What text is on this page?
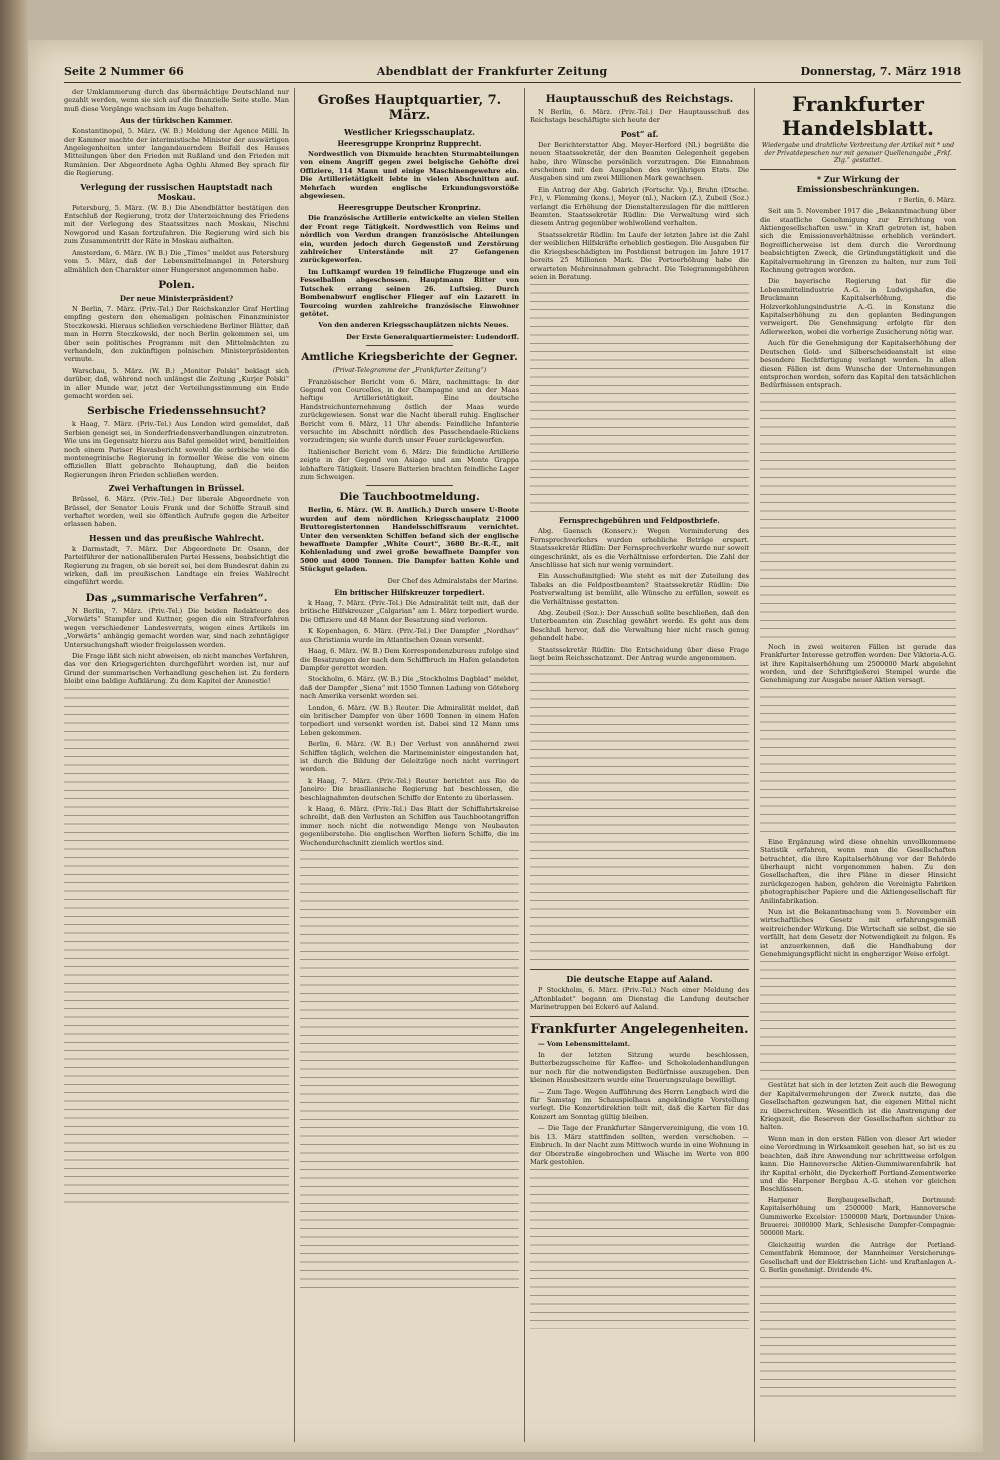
Seite 2 Nummer 66	Abendblatt der Frankfurter Zeitung	Donnerstag, 7. März 1918

der Umklammerung durch das übermächtige Deutschland nur gezahlt werden, wenn sie sich auf die finanzielle Seite stelle. Man muß diese Vorgänge wachsam im Auge behalten.

Aus der türkischen Kammer.

Konstantinopel, 5. März. (W. B.) Meldung der Agence Millí. In der Kammer machte der interimistische Minister der auswärtigen Angelegenheiten unter langandauerndem Beifall des Hauses Mitteilungen über den Frieden mit Rußland und den Frieden mit Rumänien. Der Abgeordnete Agha Oghlu Ahmed Bey sprach für die Regierung.

Verlegung der russischen Hauptstadt nach Moskau.

Petersburg, 5. März. (W. B.) Die Abendblätter bestätigen den Entschluß der Regierung, trotz der Unterzeichnung des Friedens mit der Verlegung des Staatssitzes nach Moskau, Nischni Nowgorod und Kasan fortzufahren. Die Regierung wird sich bis zum Zusammentritt der Räte in Moskau aufhalten.

Amsterdam, 6. März. (W. B.) Die „Times“ meldet aus Petersburg vom 5. März, daß der Lebensmittelmangel in Petersburg allmählich den Charakter einer Hungersnot angenommen habe.

Polen.
Der neue Ministerpräsident?

N Berlin, 7. März. (Priv.-Tel.) Der Reichskanzler Graf Hertling empfing gestern den ehemaligen polnischen Finanzminister Steczkowski. Hieraus schließen verschiedene Berliner Blätter, daß man in Herrn Steczkowski, der noch Berlin gekommen sei, um über sein politisches Programm mit den Mittelmächten zu verhandeln, den zukünftigen polnischen Ministerpräsidenten vermute.

Warschau, 5. März. (W. B.) „Monitor Polski“ beklagt sich darüber, daß, während noch unlängst die Zeitung „Kurjer Polski“ in aller Munde war, jetzt der Verteilungsstimmung ein Ende gemacht worden sei.

Serbische Friedenssehnsucht?

k Haag, 7. März. (Priv.-Tel.) Aus London wird gemeldet, daß Serbien geneigt sei, in Sonderfriedensverhandlungen einzutreten. Wie uns im Gegensatz hierzu aus Bafel gemeldet wird, bemitleiden noch einem Pariser Havasbericht sowohl die serbische wie die montenegrinische Regierung in formeller Weise die von einem offiziellen Blatt gebrachte Behauptung, daß die beiden Regierungen ihren Frieden schließen werden.

Zwei Verhaftungen in Brüssel.

Brüssel, 6. März. (Priv.-Tel.) Der liberale Abgeordnete von Brüssel, der Senator Louis Frank und der Schöffe Strauß sind verhaftet worden, weil sie öffentlich Aufrufe gegen die Arbeiter erlassen haben.

Hessen und das preußische Wahlrecht.

k Darmstadt, 7. März. Der Abgeordnete Dr. Osann, der Parteiführer der nationalliberalen Partei Hessens, beabsichtigt die Regierung zu fragen, ob sie bereit sei, bei dem Bundesrat dahin zu wirken, daß im preußischen Landtage ein freies Wahlrecht eingeführt werde.

Das „summarische Verfahren“.

N Berlin, 7. März. (Priv.-Tel.) Die beiden Redakteure des „Vorwärts“ Stampfer und Kuttner, gegen die ein Strafverfahren wegen verschiedener Landesverrats, wegen eines Artikels im „Vorwärts“ anhängig gemacht worden war, sind nach zehntägiger Untersuchungshaft wieder freigelassen worden.

Die Frage läßt sich nicht abweisen, ob nicht manches Verfahren, das vor den Kriegsgerichten durchgeführt worden ist, nur auf Grund der summarischen Verhandlung geschehen ist. Zu fordern bleibt eine baldige Aufklärung. Zu dem Kapitel der Amnestie!

Großes Hauptquartier, 7. März.
Westlicher Kriegsschauplatz.
Heeresgruppe Kronprinz Rupprecht.

Nordwestlich von Dixmuide brachten Sturmabteilungen von einem Angriff gegen zwei belgische Gehöfte drei Offiziere, 114 Mann und einige Maschinengewehre ein. Die Artillerietätigkeit lebte in vielen Abschnitten auf. Mehrfach wurden englische Erkundungsvorstöße abgewiesen.

Heeresgruppe Deutscher Kronprinz.

Die französische Artillerie entwickelte an vielen Stellen der Front rege Tätigkeit. Nordwestlich von Reims und nördlich von Verdun drangen französische Abteilungen ein, wurden jedoch durch Gegenstoß und Zerstörung zahlreicher Unterstände mit 27 Gefangenen zurückgeworfen.

Im Luftkampf wurden 19 feindliche Flugzeuge und ein Fesselballon abgeschossen. Hauptmann Ritter von Tutschek errang seinen 26. Luftsieg. Durch Bombenabwurf englischer Flieger auf ein Lazarett in Tourcoing wurden zahlreiche französische Einwohner getötet.

Von den anderen Kriegsschauplätzen nichts Neues.

Der Erste Generalquartiermeister: Ludendorff.

Amtliche Kriegsberichte der Gegner.
(Privat-Telegramme der „Frankfurter Zeitung“)

Französischer Bericht vom 6. März, nachmittags: In der Gegend von Courcelles, in der Champagne und an der Maas heftige Artillerietätigkeit. Eine deutsche Handstreichunternehmung östlich der Maas wurde zurückgewiesen. Sonst war die Nacht überall ruhig. Englischer Bericht vom 6. März, 11 Uhr abends: Feindliche Infanterie versuchte im Abschnitt nördlich des Passchendaele-Rückens vorzudringen; sie wurde durch unser Feuer zurückgeworfen.

Italienischer Bericht vom 6. März: Die feindliche Artillerie zeigte in der Gegend von Asiago und am Monte Grappa lebhaftere Tätigkeit. Unsere Batterien brachten feindliche Lager zum Schweigen.

Die Tauchbootmeldung.

Berlin, 6. März. (W. B. Amtlich.) Durch unsere U-Boote wurden auf dem nördlichen Kriegsschauplatz 21000 Bruttoregistertonnen Handelsschiffsraum vernichtet. Unter den versenkten Schiffen befand sich der englische bewaffnete Dampfer „White Court“, 3680 Br.-R.-T., mit Kohlenladung und zwei große bewaffnete Dampfer von 5000 und 4000 Tonnen. Die Dampfer hatten Kohle und Stückgut geladen.

Der Chef des Admiralstabs der Marine.

Ein britischer Hilfskreuzer torpediert.

k Haag, 7. März. (Priv.-Tel.) Die Admiralität teilt mit, daß der britische Hilfskreuzer „Calgarian“ am 1. März torpediert wurde. Die Offiziere und 48 Mann der Besatzung sind verloren.

K Kopenhagen, 6. März. (Priv.-Tel.) Der Dampfer „Nordhav“ aus Christiania wurde im Atlantischen Ozean versenkt.

Haag, 6. März. (W. B.) Dem Korrespondenzbureau zufolge sind die Besatzungen der nach dem Schiffbruch im Hafen gelandeten Dampfer gerettet worden.

Stockholm, 6. März. (W. B.) Die „Stockholms Dagblad“ meldet, daß der Dampfer „Siena“ mit 1550 Tonnen Ladung von Göteborg nach Amerika versenkt worden sei.

London, 6. März. (W. B.) Reuter. Die Admiralität meldet, daß ein britischer Dampfer von über 1600 Tonnen in einem Hafen torpediert und versenkt worden ist. Dabei sind 12 Mann ums Leben gekommen.

Berlin, 6. März. (W. B.) Der Verlust von annähernd zwei Schiffen täglich, welchen die Marineminister eingestanden hat, ist durch die Bildung der Geleitzüge noch nicht verringert worden.

k Haag, 7. März. (Priv.-Tel.) Reuter berichtet aus Rio de Janeiro: Die brasilianische Regierung hat beschlossen, die beschlagnahmten deutschen Schiffe der Entente zu überlassen.

k Haag, 6. März. (Priv.-Tel.) Das Blatt der Schiffahrtskreise schreibt, daß den Verlusten an Schiffen aus Tauchbootangriffen immer noch nicht die notwendige Menge von Neubauten gegenüberstehe. Die englischen Werften liefern Schiffe, die im Wochendurchschnitt ziemlich wertlos sind.

Hauptausschuß des Reichstags.

N Berlin, 6. März. (Priv.-Tel.) Der Hauptausschuß des Reichstags beschäftigte sich heute der

Post“ af.

Der Berichterstatter Abg. Meyer-Herford (Nl.) begrüßte die neuen Staatssekretär, der den Beamten Gelegenheit gegeben habe, ihre Wünsche persönlich vorzutragen. Die Einnahmen erscheinen mit den Ausgaben des vorjährigen Etats. Die Ausgaben sind um zwei Millionen Mark gewachsen.

Ein Antrag der Abg. Gabrich (Fortschr. Vp.), Bruhn (Dtsche. Fr.), v. Flemming (kons.), Meyer (nl.), Nacken (Z.), Zubeil (Soz.) verlangt die Erhöhung der Dienstalterzulagen für die mittleren Beamten. Staatssekretär Rüdlin: Die Verwaltung wird sich diesem Antrag gegenüber wohlwollend verhalten.

Staatssekretär Rüdlin: Im Laufe der letzten Jahre ist die Zahl der weiblichen Hilfskräfte erheblich gestiegen. Die Ausgaben für die Kriegsbeschädigten im Postdienst betrugen im Jahre 1917 bereits 25 Millionen Mark. Die Portoerhöhung habe die erwarteten Mehreinnahmen gebracht. Die Telegrammgebühren seien in Beratung.

Fernsprechgebühren und Feldpostbriefe.

Abg. Gaensch (Konserv.): Wegen Verminderung des Fernsprechverkehrs wurden erhebliche Beträge erspart. Staatssekretär Rüdlin: Der Fernsprechverkehr wurde nur soweit eingeschränkt, als es die Verhältnisse erforderten. Die Zahl der Anschlüsse hat sich nur wenig vermindert.

Ein Ausschußmitglied: Wie steht es mit der Zuteilung des Tabaks an die Feldpostbeamten? Staatssekretär Rüdlin: Die Postverwaltung ist bemüht, alle Wünsche zu erfüllen, soweit es die Verhältnisse gestatten.

Abg. Zeubeil (Soz.): Der Ausschuß sollte beschließen, daß den Unterbeamten ein Zuschlag gewährt werde. Es geht aus dem Beschluß hervor, daß die Verwaltung hier nicht rasch genug gehandelt habe.

Staatssekretär Rüdlin: Die Entscheidung über diese Frage liegt beim Reichsschatzamt. Der Antrag wurde angenommen.

Die deutsche Etappe auf Aaland.

P Stockholm, 6. März. (Priv.-Tel.) Nach einer Meldung des „Aftonbladet“ begann am Dienstag die Landung deutscher Marinetruppen bei Eckerö auf Aaland.

Frankfurter Angelegenheiten.

— Vom Lebensmittelamt.

In der letzten Sitzung wurde beschlossen, Butterbezugsscheine für Kaffee- und Schokoladenhandlungen nur noch für die notwendigsten Bedürfnisse auszugeben. Den kleinen Hausbesitzern wurde eine Teuerungszulage bewilligt.

— Zum Tage. Wegen Aufführung des Herrn Lengbach wird die für Samstag im Schauspielhaus angekündigte Vorstellung verlegt. Die Konzertdirektion teilt mit, daß die Karten für das Konzert am Sonntag gültig bleiben.

— Die Tage der Frankfurter Sängervereinigung, die vom 10. bis 13. März stattfinden sollten, werden verschoben. — Einbruch. In der Nacht zum Mittwoch wurde in eine Wohnung in der Oberstraße eingebrochen und Wäsche im Werte von 800 Mark gestohlen.

Frankfurter Handelsblatt.
Wiedergabe und drahtliche Verbreitung der Artikel mit * und der Privatdepeschen nur mit genauer Quellenangabe „Frkf. Ztg.“ gestattet.
* Zur Wirkung der Emissionsbeschränkungen.

r Berlin, 6. März.

Seit am 5. November 1917 die „Bekanntmachung über die staatliche Genehmigung zur Errichtung von Aktiengesellschaften usw.“ in Kraft getreten ist, haben sich die Emissionsverhältnisse erheblich verändert. Begreiflicherweise ist dem durch die Verordnung beabsichtigten Zweck, die Gründungstätigkeit und die Kapitalvermehrung in Grenzen zu halten, nur zum Teil Rechnung getragen worden.

Die bayerische Regierung hat für die Lebensmittelindustrie A.-G. in Ludwigshafen, die Bruckmann Kapitalserhöhung, die Holzverkohlungsindustrie A.-G. in Konstanz die Kapitalserhöhung zu den geplanten Bedingungen verweigert. Die Genehmigung erfolgte für den Adlerwerken, wobei die vorherige Zusicherung nötig war.

Auch für die Genehmigung der Kapitalserhöhung der Deutschen Gold- und Silberscheideanstalt ist eine besondere Rechtfertigung verlangt worden. In allen diesen Fällen ist dem Wunsche der Unternehmungen entsprochen worden, sofern das Kapital den tatsächlichen Bedürfnissen entsprach.

Noch in zwei weiteren Fällen ist gerade das Frankfurter Interesse getroffen worden: Der Viktoria-A.G. ist ihre Kapitalserhöhung um 2500000 Mark abgelehnt worden, und der Schriftgießerei Stempel wurde die Genehmigung zur Ausgabe neuer Aktien versagt.

Eine Ergänzung wird diese ohnehin unvollkommene Statistik erfahren, wenn man die Gesellschaften betrachtet, die ihre Kapitalserhöhung vor der Behörde überhaupt nicht vorgenommen haben. Zu den Gesellschaften, die ihre Pläne in dieser Hinsicht zurückgezogen haben, gehören die Vereinigte Fabriken photographischer Papiere und die Aktiengesellschaft für Anilinfabrikation.

Nun ist die Bekanntmachung vom 5. November ein wirtschaftliches Gesetz mit erfahrungsgemäß weitreichender Wirkung. Die Wirtschaft sie selbst, die sie verfällt, hat dem Gesetz der Notwendigkeit zu folgen. Es ist anzuerkennen, daß die Handhabung der Genehmigungspflicht nicht in engherziger Weise erfolgt.

Gestützt hat sich in der letzten Zeit auch die Bewegung der Kapitalvermehrungen der Zweck nutzte, das die Gesellschaften gezwungen hat, die eigenen Mittel nicht zu überschreiten. Wesentlich ist die Anstrengung der Kriegszeit, die Reserven der Gesellschaften sichtbar zu halten.

Wenn man in den ersten Fällen von dieser Art wieder eine Verordnung in Wirksamkeit gesehen hat, so ist es zu beachten, daß ihre Anwendung nur schrittweise erfolgen kann. Die Hannoversche Aktien-Gummiwarenfabrik hat ihr Kapital erhöht, die Dyckerhoff Portland-Zementwerke und die Harpener Bergbau A.-G. stehen vor gleichen Beschlüssen.

Harpener Bergbaugesellschaft, Dortmund: Kapitalserhöhung um 2500000 Mark, Hannoversche Gummiwerke Excelsior: 1500000 Mark, Dortmunder Union-Brauerei: 3000000 Mark, Schlesische Dampfer-Compagnie: 500000 Mark.

Gleichzeitig wurden die Anträge der Portland-Cementfabrik Hemmoor, der Mannheimer Versicherungs-Gesellschaft und der Elektrischen Licht- und Kraftanlagen A.-G. Berlin genehmigt. Dividende 4%.
